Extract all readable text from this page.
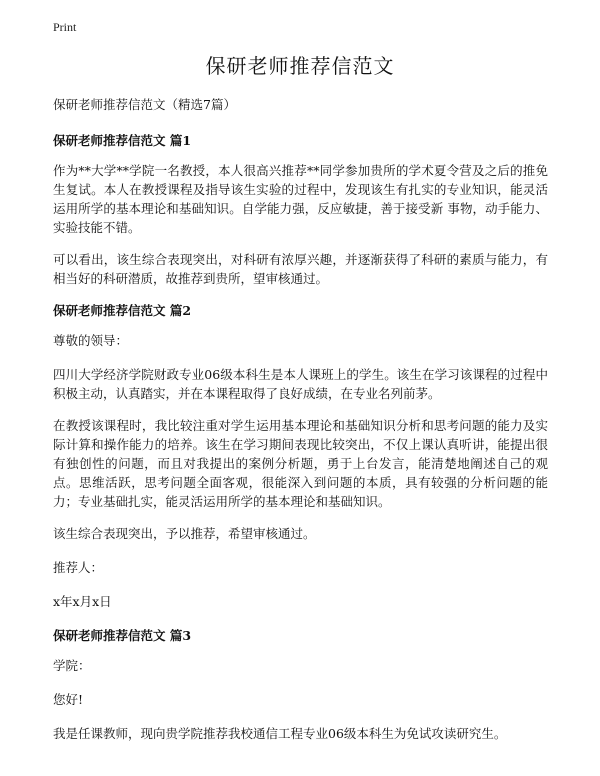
Print
保研老师推荐信范文

保研老师推荐信范文（精选7篇）

保研老师推荐信范文 篇1

作为**大学**学院一名教授，本人很高兴推荐**同学参加贵所的学术夏令营及之后的推免生复试。本人在教授课程及指导该生实验的过程中，发现该生有扎实的专业知识，能灵活运用所学的基本理论和基础知识。自学能力强，反应敏捷，善于接受新 事物，动手能力、实验技能不错。

可以看出，该生综合表现突出，对科研有浓厚兴趣，并逐渐获得了科研的素质与能力，有相当好的科研潜质，故推荐到贵所，望审核通过。

保研老师推荐信范文 篇2

尊敬的领导：

四川大学经济学院财政专业06级本科生是本人课班上的学生。该生在学习该课程的过程中积极主动，认真踏实，并在本课程取得了良好成绩，在专业名列前茅。

在教授该课程时，我比较注重对学生运用基本理论和基础知识分析和思考问题的能力及实际计算和操作能力的培养。该生在学习期间表现比较突出，不仅上课认真听讲，能提出很有独创性的问题，而且对我提出的案例分析题，勇于上台发言，能清楚地阐述自己的观点。思维活跃，思考问题全面客观，很能深入到问题的本质，具有较强的分析问题的能力；专业基础扎实，能灵活运用所学的基本理论和基础知识。

该生综合表现突出，予以推荐，希望审核通过。

推荐人：

x年x月x日

保研老师推荐信范文 篇3

学院：

您好!

我是任课教师，现向贵学院推荐我校通信工程专业06级本科生为免试攻读研究生。
